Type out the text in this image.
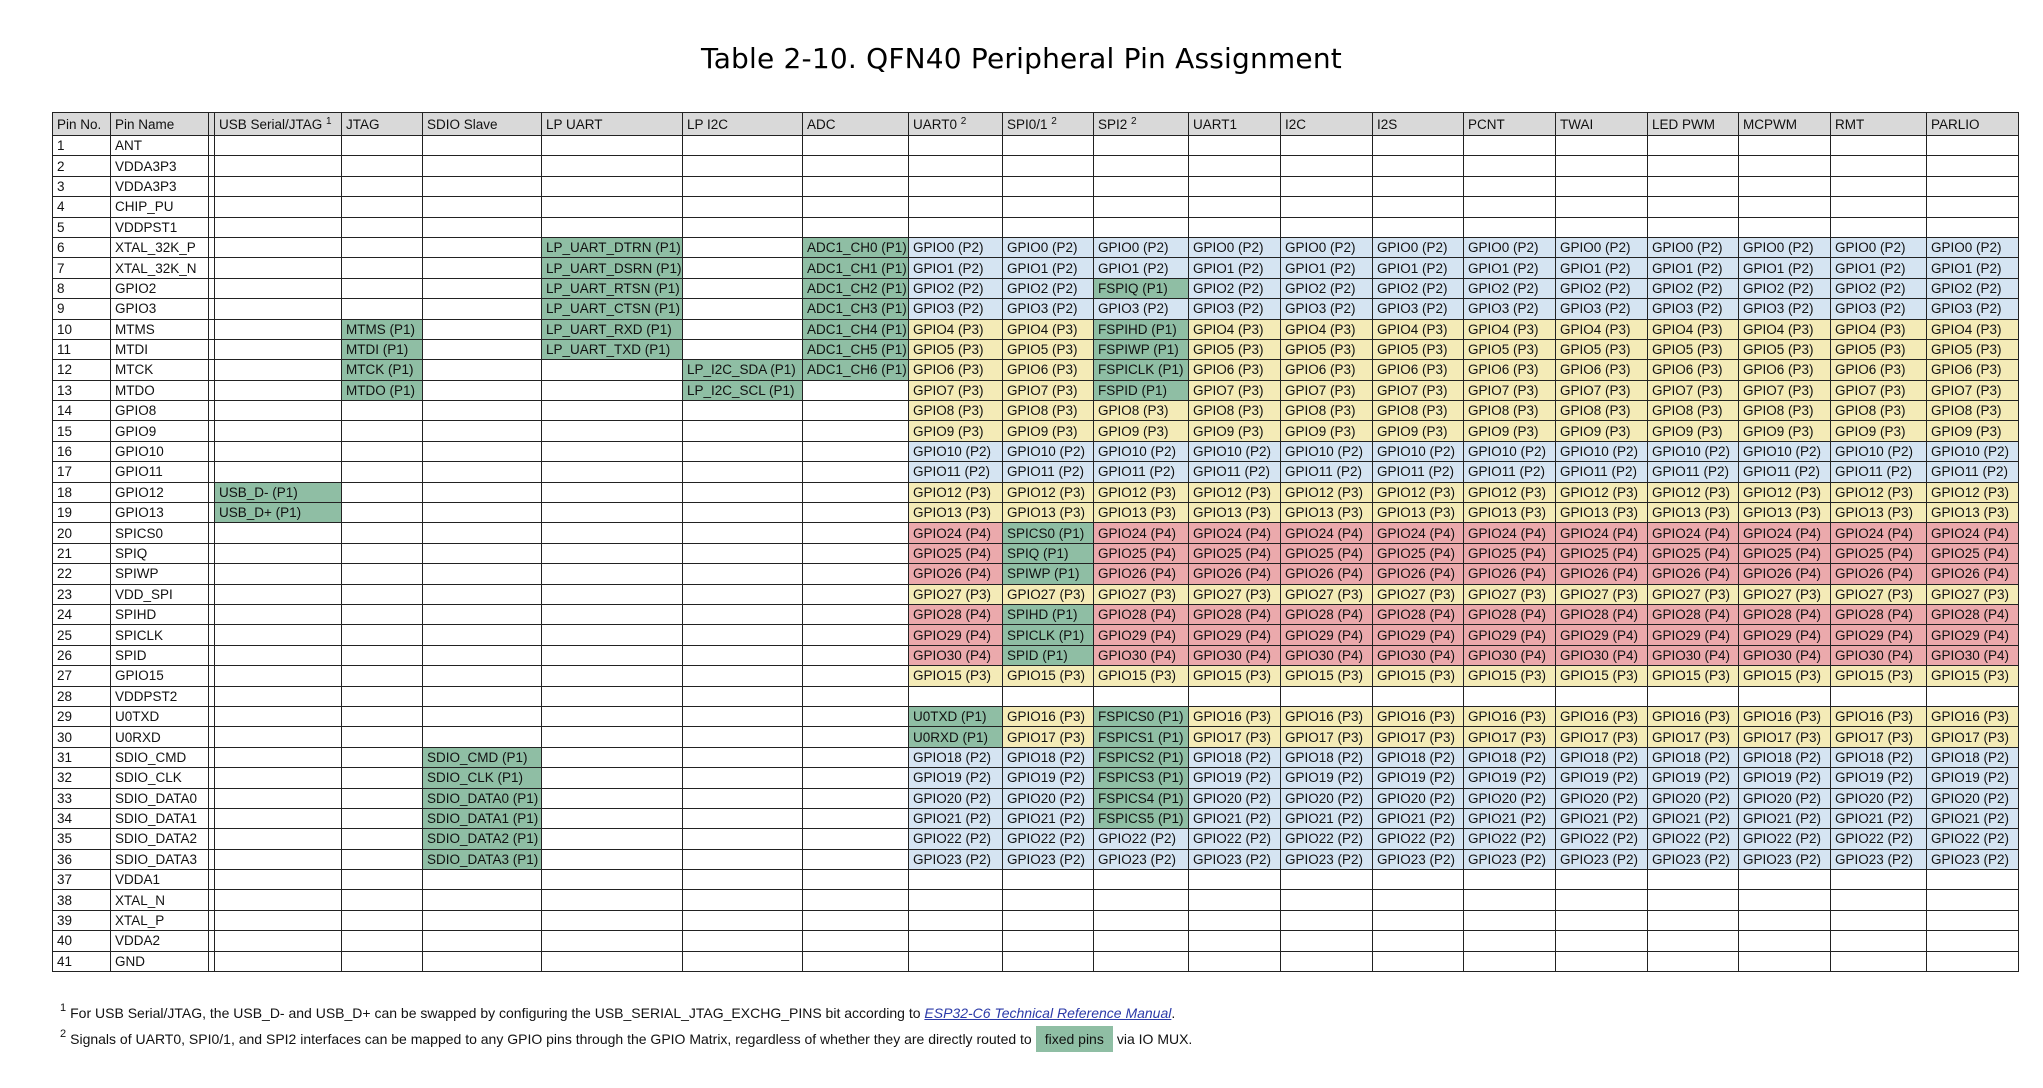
Table 2-10. QFN40 Peripheral Pin Assignment
Pin No.	Pin Name		USB Serial/JTAG $^1$	JTAG	SDIO Slave	LP UART	LP I2C	ADC	UART0 $^2$	SPI0/1 $^2$	SPI2 $^2$	UART1	I2C	I2S	PCNT	TWAI	LED PWM	MCPWM	RMT	PARLIO
1	ANT																			
2	VDDA3P3																			
3	VDDA3P3																			
4	CHIP_PU																			
5	VDDPST1																			
6	XTAL_32K_P					LP_UART_DTRN (P1)		ADC1_CH0 (P1)	GPIO0 (P2)	GPIO0 (P2)	GPIO0 (P2)	GPIO0 (P2)	GPIO0 (P2)	GPIO0 (P2)	GPIO0 (P2)	GPIO0 (P2)	GPIO0 (P2)	GPIO0 (P2)	GPIO0 (P2)	GPIO0 (P2)
7	XTAL_32K_N					LP_UART_DSRN (P1)		ADC1_CH1 (P1)	GPIO1 (P2)	GPIO1 (P2)	GPIO1 (P2)	GPIO1 (P2)	GPIO1 (P2)	GPIO1 (P2)	GPIO1 (P2)	GPIO1 (P2)	GPIO1 (P2)	GPIO1 (P2)	GPIO1 (P2)	GPIO1 (P2)
8	GPIO2					LP_UART_RTSN (P1)		ADC1_CH2 (P1)	GPIO2 (P2)	GPIO2 (P2)	FSPIQ (P1)	GPIO2 (P2)	GPIO2 (P2)	GPIO2 (P2)	GPIO2 (P2)	GPIO2 (P2)	GPIO2 (P2)	GPIO2 (P2)	GPIO2 (P2)	GPIO2 (P2)
9	GPIO3					LP_UART_CTSN (P1)		ADC1_CH3 (P1)	GPIO3 (P2)	GPIO3 (P2)	GPIO3 (P2)	GPIO3 (P2)	GPIO3 (P2)	GPIO3 (P2)	GPIO3 (P2)	GPIO3 (P2)	GPIO3 (P2)	GPIO3 (P2)	GPIO3 (P2)	GPIO3 (P2)
10	MTMS			MTMS (P1)		LP_UART_RXD (P1)		ADC1_CH4 (P1)	GPIO4 (P3)	GPIO4 (P3)	FSPIHD (P1)	GPIO4 (P3)	GPIO4 (P3)	GPIO4 (P3)	GPIO4 (P3)	GPIO4 (P3)	GPIO4 (P3)	GPIO4 (P3)	GPIO4 (P3)	GPIO4 (P3)
11	MTDI			MTDI (P1)		LP_UART_TXD (P1)		ADC1_CH5 (P1)	GPIO5 (P3)	GPIO5 (P3)	FSPIWP (P1)	GPIO5 (P3)	GPIO5 (P3)	GPIO5 (P3)	GPIO5 (P3)	GPIO5 (P3)	GPIO5 (P3)	GPIO5 (P3)	GPIO5 (P3)	GPIO5 (P3)
12	MTCK			MTCK (P1)			LP_I2C_SDA (P1)	ADC1_CH6 (P1)	GPIO6 (P3)	GPIO6 (P3)	FSPICLK (P1)	GPIO6 (P3)	GPIO6 (P3)	GPIO6 (P3)	GPIO6 (P3)	GPIO6 (P3)	GPIO6 (P3)	GPIO6 (P3)	GPIO6 (P3)	GPIO6 (P3)
13	MTDO			MTDO (P1)			LP_I2C_SCL (P1)		GPIO7 (P3)	GPIO7 (P3)	FSPID (P1)	GPIO7 (P3)	GPIO7 (P3)	GPIO7 (P3)	GPIO7 (P3)	GPIO7 (P3)	GPIO7 (P3)	GPIO7 (P3)	GPIO7 (P3)	GPIO7 (P3)
14	GPIO8								GPIO8 (P3)	GPIO8 (P3)	GPIO8 (P3)	GPIO8 (P3)	GPIO8 (P3)	GPIO8 (P3)	GPIO8 (P3)	GPIO8 (P3)	GPIO8 (P3)	GPIO8 (P3)	GPIO8 (P3)	GPIO8 (P3)
15	GPIO9								GPIO9 (P3)	GPIO9 (P3)	GPIO9 (P3)	GPIO9 (P3)	GPIO9 (P3)	GPIO9 (P3)	GPIO9 (P3)	GPIO9 (P3)	GPIO9 (P3)	GPIO9 (P3)	GPIO9 (P3)	GPIO9 (P3)
16	GPIO10								GPIO10 (P2)	GPIO10 (P2)	GPIO10 (P2)	GPIO10 (P2)	GPIO10 (P2)	GPIO10 (P2)	GPIO10 (P2)	GPIO10 (P2)	GPIO10 (P2)	GPIO10 (P2)	GPIO10 (P2)	GPIO10 (P2)
17	GPIO11								GPIO11 (P2)	GPIO11 (P2)	GPIO11 (P2)	GPIO11 (P2)	GPIO11 (P2)	GPIO11 (P2)	GPIO11 (P2)	GPIO11 (P2)	GPIO11 (P2)	GPIO11 (P2)	GPIO11 (P2)	GPIO11 (P2)
18	GPIO12		USB_D- (P1)						GPIO12 (P3)	GPIO12 (P3)	GPIO12 (P3)	GPIO12 (P3)	GPIO12 (P3)	GPIO12 (P3)	GPIO12 (P3)	GPIO12 (P3)	GPIO12 (P3)	GPIO12 (P3)	GPIO12 (P3)	GPIO12 (P3)
19	GPIO13		USB_D+ (P1)						GPIO13 (P3)	GPIO13 (P3)	GPIO13 (P3)	GPIO13 (P3)	GPIO13 (P3)	GPIO13 (P3)	GPIO13 (P3)	GPIO13 (P3)	GPIO13 (P3)	GPIO13 (P3)	GPIO13 (P3)	GPIO13 (P3)
20	SPICS0								GPIO24 (P4)	SPICS0 (P1)	GPIO24 (P4)	GPIO24 (P4)	GPIO24 (P4)	GPIO24 (P4)	GPIO24 (P4)	GPIO24 (P4)	GPIO24 (P4)	GPIO24 (P4)	GPIO24 (P4)	GPIO24 (P4)
21	SPIQ								GPIO25 (P4)	SPIQ (P1)	GPIO25 (P4)	GPIO25 (P4)	GPIO25 (P4)	GPIO25 (P4)	GPIO25 (P4)	GPIO25 (P4)	GPIO25 (P4)	GPIO25 (P4)	GPIO25 (P4)	GPIO25 (P4)
22	SPIWP								GPIO26 (P4)	SPIWP (P1)	GPIO26 (P4)	GPIO26 (P4)	GPIO26 (P4)	GPIO26 (P4)	GPIO26 (P4)	GPIO26 (P4)	GPIO26 (P4)	GPIO26 (P4)	GPIO26 (P4)	GPIO26 (P4)
23	VDD_SPI								GPIO27 (P3)	GPIO27 (P3)	GPIO27 (P3)	GPIO27 (P3)	GPIO27 (P3)	GPIO27 (P3)	GPIO27 (P3)	GPIO27 (P3)	GPIO27 (P3)	GPIO27 (P3)	GPIO27 (P3)	GPIO27 (P3)
24	SPIHD								GPIO28 (P4)	SPIHD (P1)	GPIO28 (P4)	GPIO28 (P4)	GPIO28 (P4)	GPIO28 (P4)	GPIO28 (P4)	GPIO28 (P4)	GPIO28 (P4)	GPIO28 (P4)	GPIO28 (P4)	GPIO28 (P4)
25	SPICLK								GPIO29 (P4)	SPICLK (P1)	GPIO29 (P4)	GPIO29 (P4)	GPIO29 (P4)	GPIO29 (P4)	GPIO29 (P4)	GPIO29 (P4)	GPIO29 (P4)	GPIO29 (P4)	GPIO29 (P4)	GPIO29 (P4)
26	SPID								GPIO30 (P4)	SPID (P1)	GPIO30 (P4)	GPIO30 (P4)	GPIO30 (P4)	GPIO30 (P4)	GPIO30 (P4)	GPIO30 (P4)	GPIO30 (P4)	GPIO30 (P4)	GPIO30 (P4)	GPIO30 (P4)
27	GPIO15								GPIO15 (P3)	GPIO15 (P3)	GPIO15 (P3)	GPIO15 (P3)	GPIO15 (P3)	GPIO15 (P3)	GPIO15 (P3)	GPIO15 (P3)	GPIO15 (P3)	GPIO15 (P3)	GPIO15 (P3)	GPIO15 (P3)
28	VDDPST2																			
29	U0TXD								U0TXD (P1)	GPIO16 (P3)	FSPICS0 (P1)	GPIO16 (P3)	GPIO16 (P3)	GPIO16 (P3)	GPIO16 (P3)	GPIO16 (P3)	GPIO16 (P3)	GPIO16 (P3)	GPIO16 (P3)	GPIO16 (P3)
30	U0RXD								U0RXD (P1)	GPIO17 (P3)	FSPICS1 (P1)	GPIO17 (P3)	GPIO17 (P3)	GPIO17 (P3)	GPIO17 (P3)	GPIO17 (P3)	GPIO17 (P3)	GPIO17 (P3)	GPIO17 (P3)	GPIO17 (P3)
31	SDIO_CMD				SDIO_CMD (P1)				GPIO18 (P2)	GPIO18 (P2)	FSPICS2 (P1)	GPIO18 (P2)	GPIO18 (P2)	GPIO18 (P2)	GPIO18 (P2)	GPIO18 (P2)	GPIO18 (P2)	GPIO18 (P2)	GPIO18 (P2)	GPIO18 (P2)
32	SDIO_CLK				SDIO_CLK (P1)				GPIO19 (P2)	GPIO19 (P2)	FSPICS3 (P1)	GPIO19 (P2)	GPIO19 (P2)	GPIO19 (P2)	GPIO19 (P2)	GPIO19 (P2)	GPIO19 (P2)	GPIO19 (P2)	GPIO19 (P2)	GPIO19 (P2)
33	SDIO_DATA0				SDIO_DATA0 (P1)				GPIO20 (P2)	GPIO20 (P2)	FSPICS4 (P1)	GPIO20 (P2)	GPIO20 (P2)	GPIO20 (P2)	GPIO20 (P2)	GPIO20 (P2)	GPIO20 (P2)	GPIO20 (P2)	GPIO20 (P2)	GPIO20 (P2)
34	SDIO_DATA1				SDIO_DATA1 (P1)				GPIO21 (P2)	GPIO21 (P2)	FSPICS5 (P1)	GPIO21 (P2)	GPIO21 (P2)	GPIO21 (P2)	GPIO21 (P2)	GPIO21 (P2)	GPIO21 (P2)	GPIO21 (P2)	GPIO21 (P2)	GPIO21 (P2)
35	SDIO_DATA2				SDIO_DATA2 (P1)				GPIO22 (P2)	GPIO22 (P2)	GPIO22 (P2)	GPIO22 (P2)	GPIO22 (P2)	GPIO22 (P2)	GPIO22 (P2)	GPIO22 (P2)	GPIO22 (P2)	GPIO22 (P2)	GPIO22 (P2)	GPIO22 (P2)
36	SDIO_DATA3				SDIO_DATA3 (P1)				GPIO23 (P2)	GPIO23 (P2)	GPIO23 (P2)	GPIO23 (P2)	GPIO23 (P2)	GPIO23 (P2)	GPIO23 (P2)	GPIO23 (P2)	GPIO23 (P2)	GPIO23 (P2)	GPIO23 (P2)	GPIO23 (P2)
37	VDDA1																			
38	XTAL_N																			
39	XTAL_P																			
40	VDDA2																			
41	GND																			
$^1$ For USB Serial/JTAG, the USB_D- and USB_D+ can be swapped by configuring the USB_SERIAL_JTAG_EXCHG_PINS bit according to ESP32-C6 Technical Reference Manual.
$^2$ Signals of UART0, SPI0/1, and SPI2 interfaces can be mapped to any GPIO pins through the GPIO Matrix, regardless of whether they are directly routed to fixed pins via IO MUX.
